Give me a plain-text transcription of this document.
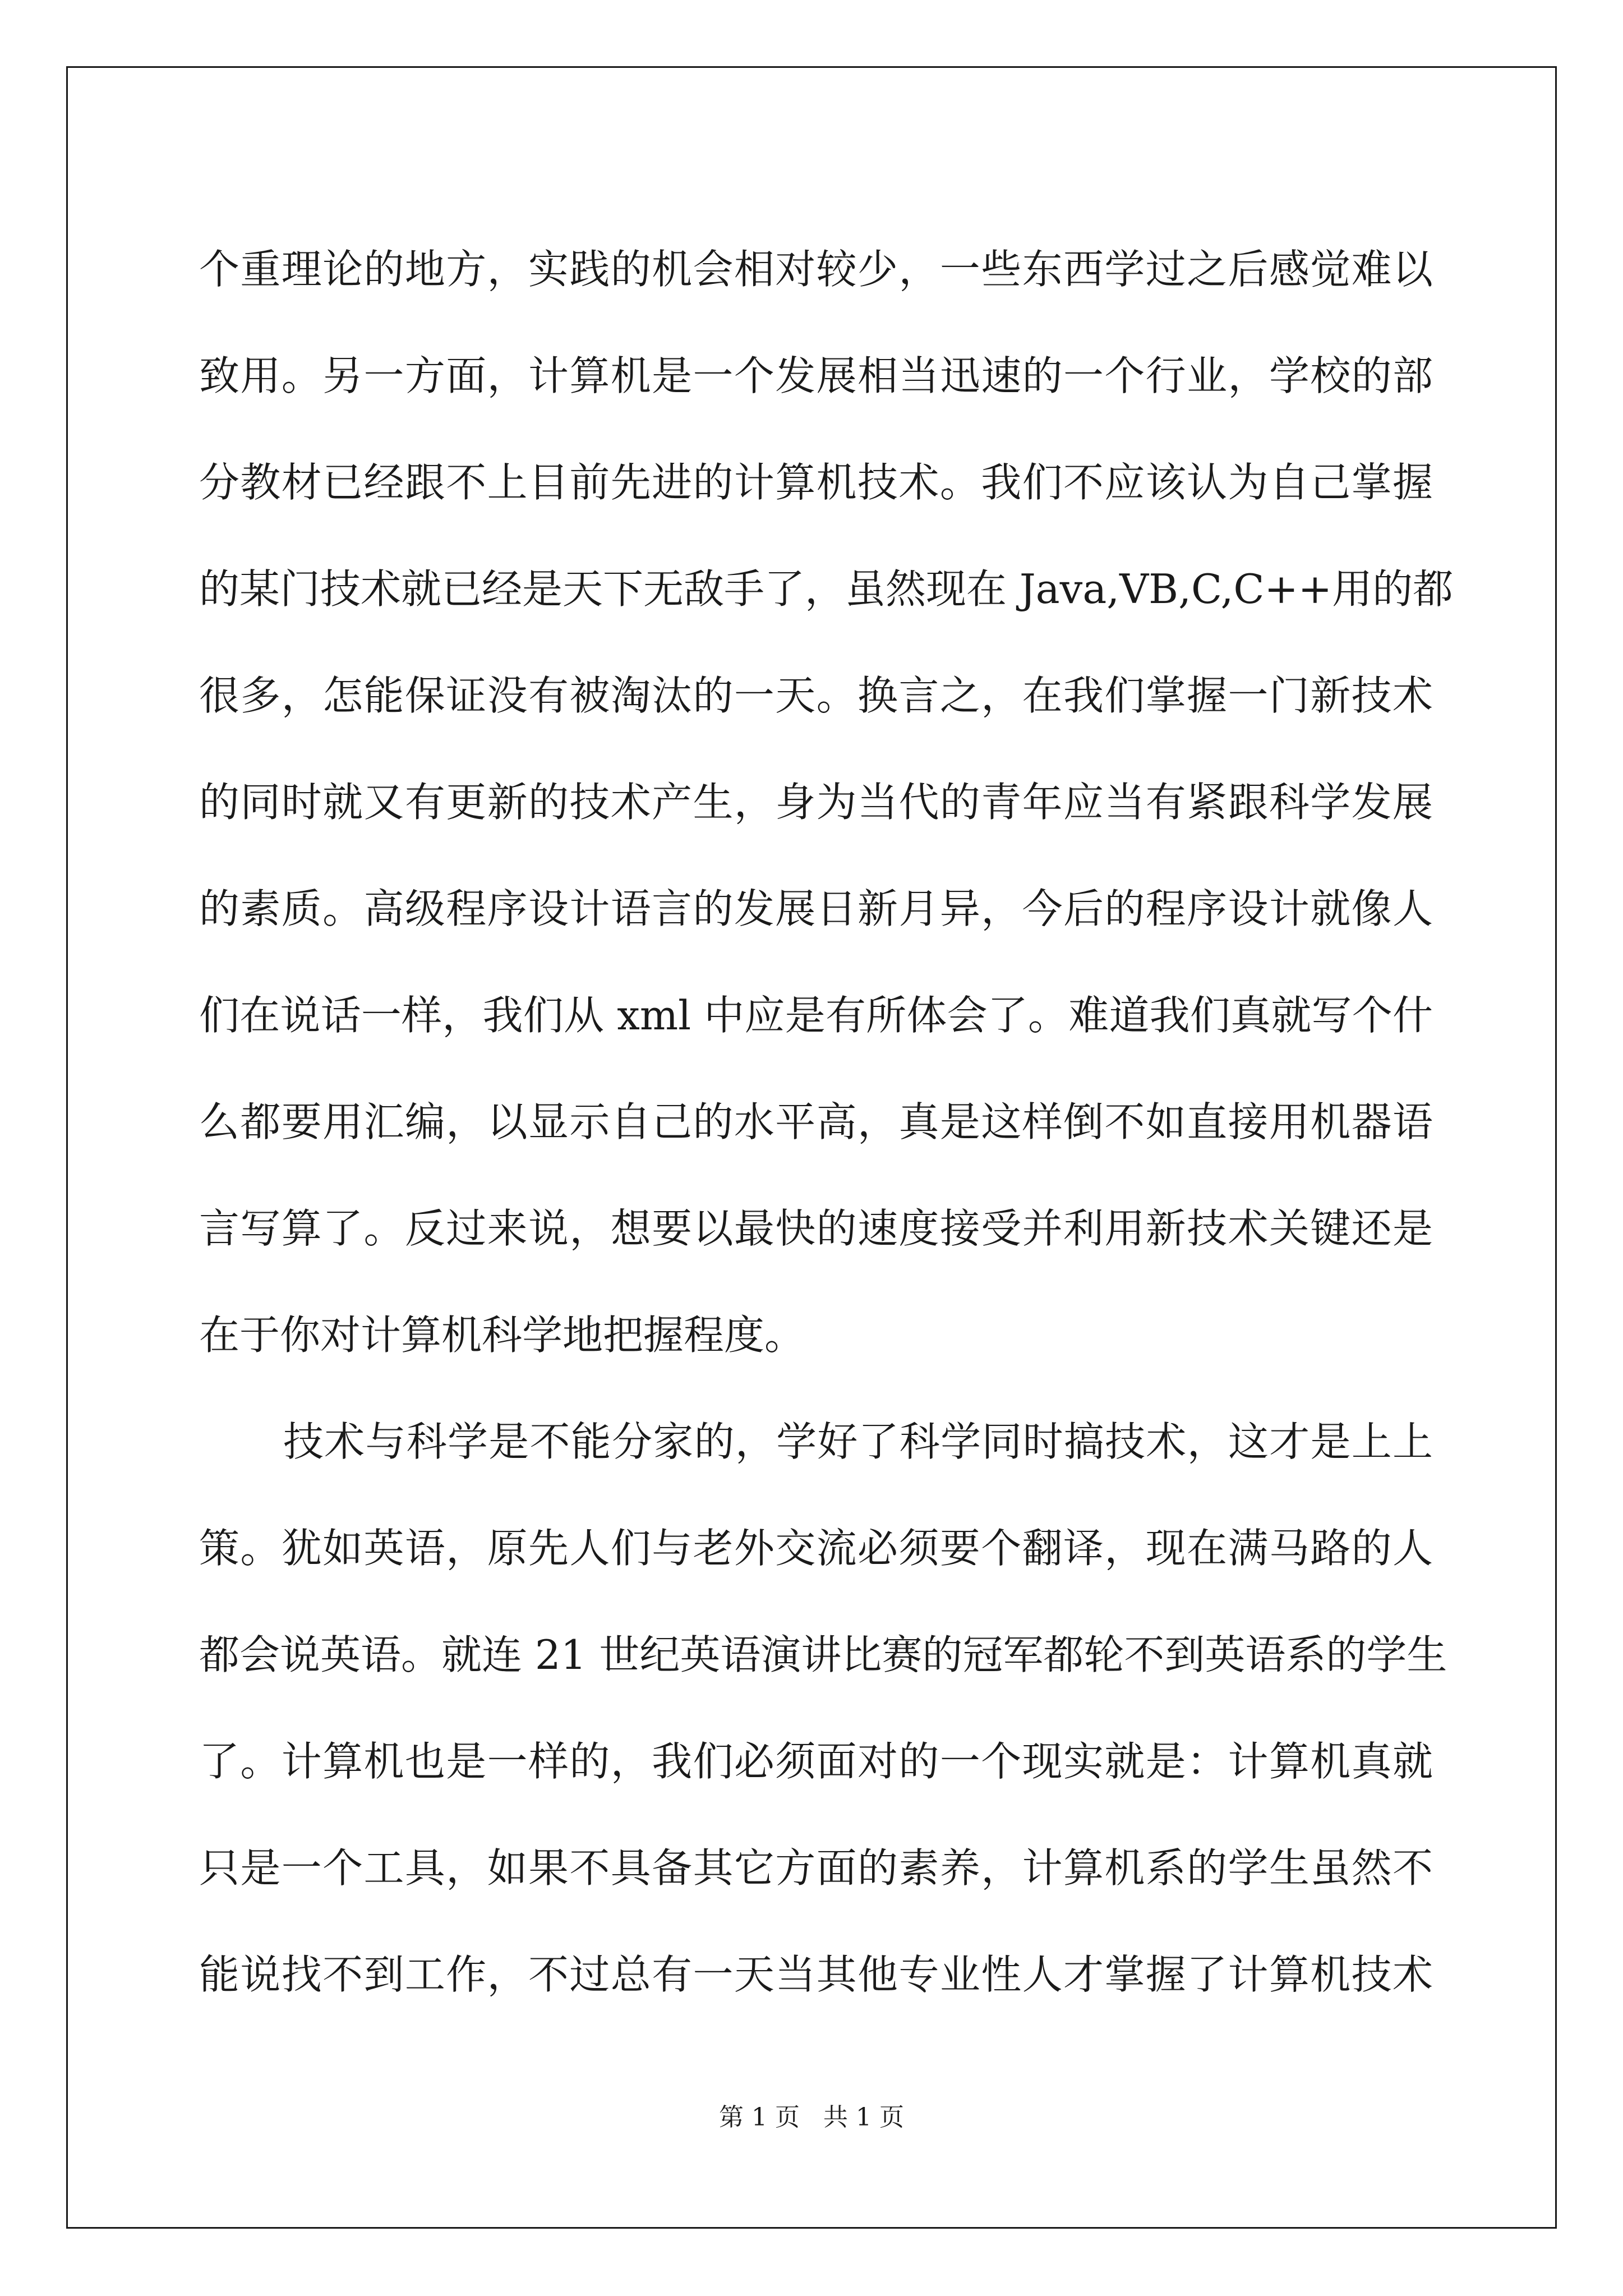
个重理论的地方，实践的机会相对较少，一些东西学过之后感觉难以
致用。另一方面，计算机是一个发展相当迅速的一个行业，学校的部
分教材已经跟不上目前先进的计算机技术。我们不应该认为自己掌握
的某门技术就已经是天下无敌手了，虽然现在 Java,VB,C,C++用的都
很多，怎能保证没有被淘汰的一天。换言之，在我们掌握一门新技术
的同时就又有更新的技术产生，身为当代的青年应当有紧跟科学发展
的素质。高级程序设计语言的发展日新月异，今后的程序设计就像人
们在说话一样，我们从 xml 中应是有所体会了。难道我们真就写个什
么都要用汇编，以显示自己的水平高，真是这样倒不如直接用机器语
言写算了。反过来说，想要以最快的速度接受并利用新技术关键还是
在于你对计算机科学地把握程度。
技术与科学是不能分家的，学好了科学同时搞技术，这才是上上
策。犹如英语，原先人们与老外交流必须要个翻译，现在满马路的人
都会说英语。就连 21 世纪英语演讲比赛的冠军都轮不到英语系的学生
了。计算机也是一样的，我们必须面对的一个现实就是：计算机真就
只是一个工具，如果不具备其它方面的素养，计算机系的学生虽然不
能说找不到工作，不过总有一天当其他专业性人才掌握了计算机技术
第 1 页 共 1 页
